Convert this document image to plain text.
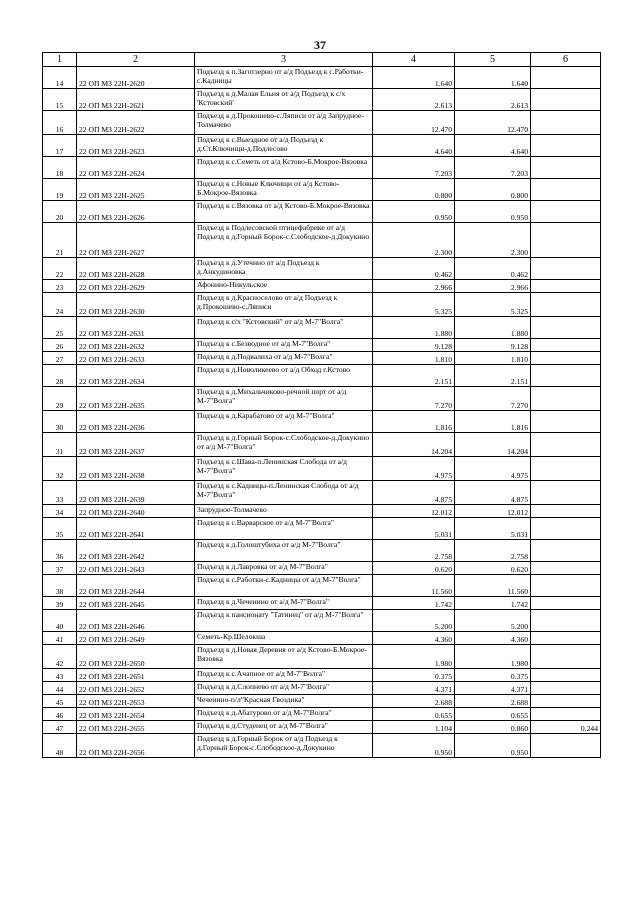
37
1	2	3	4	5	6
14	22 ОП МЗ 22Н-2620	Подъезд к п.Заготзерно от а/д Подъезд к с.Работки-с.Кадницы	1.640	1.640	
15	22 ОП МЗ 22Н-2621	Подъезд к д.Малая Ельня от а/д Подъезд к с/х 'Кстовский'	2.613	2.613	
16	22 ОП МЗ 22Н-2622	Подъезд к д.Прокошево-с.Ляписи от а/д Запрудное-Толмачево	12.470	12.470	
17	22 ОП МЗ 22Н-2623	Подъезд к с.Выездное от а/д Подъезд к д.Ст.Ключищи-д.Подлесово	4.640	4.640	
18	22 ОП МЗ 22Н-2624	Подъезд к с.Семеть от а/д Кстово-Б.Мокрое-Вязовка	7.203	7.203	
19	22 ОП МЗ 22Н-2625	Подъезд к с.Новые Ключищи от а/д Кстово-Б.Мокрое-Вязовка	0.800	0.800	
20	22 ОП МЗ 22Н-2626	Подъезд к с.Вязовка от а/д Кстово-Б.Мокрое-Вязовка	0.950	0.950	
21	22 ОП МЗ 22Н-2627	Подъезд к Подлесовской птицефабрике от а/д Подъезд к д.Горный Борок-с.Слободское-д.Докукино	2.300	2.300	
22	22 ОП МЗ 22Н-2628	Подъезд к д.Утечино от а/д Подъезд к д.Анкудиновка	0.462	0.462	
23	22 ОП МЗ 22Н-2629	Афонино-Никульское	2.966	2.966	
24	22 ОП МЗ 22Н-2630	Подъезд к д.Красноселово от а/д Подъезд к д.Прокошево-с.Ляписи	5.325	5.325	
25	22 ОП МЗ 22Н-2631	Подъезд к с/х "Кстовский" от а/д М-7"Волга"	1.880	1.880	
26	22 ОП МЗ 22Н-2632	Подъезд к с.Безводное от а/д М-7"Волга"	9.128	9.128	
27	22 ОП МЗ 22Н-2633	Подъезд к д.Подвалиха от а/д М-7"Волга"	1.810	1.810	
28	22 ОП МЗ 22Н-2634	Подъезд к д.Новоликеево от а/д Обход г.Кстово	2.151	2.151	
29	22 ОП МЗ 22Н-2635	Подъезд к д.Михальчиково-речной порт от а/д М-7"Волга"	7.270	7.270	
30	22 ОП МЗ 22Н-2636	Подъезд к д.Карабатово от а/д М-7"Волга"	1.816	1.816	
31	22 ОП МЗ 22Н-2637	Подъезд к д.Горный Борок-с.Слободское-д.Докукино от а/д М-7"Волга"	14.204	14.204	
32	22 ОП МЗ 22Н-2638	Подъезд к с.Шава-п.Ленинская Слобода от а/д М-7"Волга"	4.975	4.975	
33	22 ОП МЗ 22Н-2639	Подъезд к с.Кадницы-п.Ленинская Слобода от а/д М-7"Волга"	4.875	4.875	
34	22 ОП МЗ 22Н-2640	Запрудное-Толмачево	12.012	12.012	
35	22 ОП МЗ 22Н-2641	Подъезд к с.Варварское от а/д М-7"Волга"	5.031	5.031	
36	22 ОП МЗ 22Н-2642	Подъезд к д.Голоштубиха от а/д М-7"Волга"	2.758	2.758	
37	22 ОП МЗ 22Н-2643	Подъезд к д.Лавровка от а/д М-7"Волга"	0.620	0.620	
38	22 ОП МЗ 22Н-2644	Подъезд к с.Работки-с.Кадницы от а/д М-7"Волга"	11.560	11.560	
39	22 ОП МЗ 22Н-2645	Подъезд к д.Чеченино от а/д М-7"Волга"	1.742	1.742	
40	22 ОП МЗ 22Н-2646	Подъезд к пансионату "Татинец" от а/д М-7"Волга"	5.200	5.200	
41	22 ОП МЗ 22Н-2649	Семеть-Кр.Шелокша	4.360	4.360	
42	22 ОП МЗ 22Н-2650	Подъезд к д.Новая Деревня от а/д Кстово-Б.Мокрое-Вязовка	1.980	1.980	
43	22 ОП МЗ 22Н-2651	Подъезд к с.Ачапное от а/д М-7"Волга"	0.375	0.375	
44	22 ОП МЗ 22Н-2652	Подъезд к д.Слопнево от а/д М-7"Волга"	4.371	4.371	
45	22 ОП МЗ 22Н-2653	Чеченино-п/л"Красная Гвоздика"	2.688	2.688	
46	22 ОП МЗ 22Н-2654	Подъезд к д.Абатурово от а/д М-7"Волга"	0.655	0.655	
47	22 ОП МЗ 22Н-2655	Подъезд к д.Студенец от а/д М-7"Волга"	1.104	0.860	0.244
48	22 ОП МЗ 22Н-2656	Подъезд к д.Горный Борок от а/д Подъезд к д.Горный Борок-с.Слободское-д.Докукино	0.950	0.950	
